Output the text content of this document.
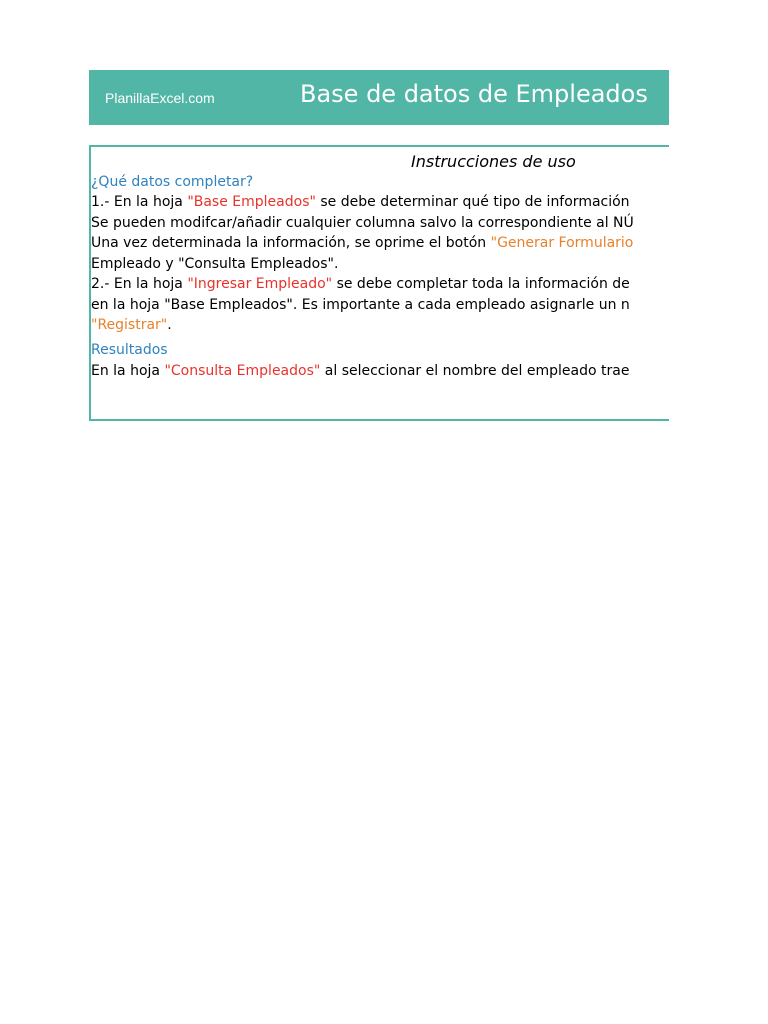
PlanillaExcel.com	Base de datos de Empleados
Instrucciones de uso
¿Qué datos completar?
1.- En la hoja "Base Empleados" se debe determinar qué tipo de información
Se pueden modifcar/añadir cualquier columna salvo la correspondiente al NÚ
Una vez determinada la información, se oprime el botón "Generar Formulario
Empleado y "Consulta Empleados".
2.- En la hoja "Ingresar Empleado" se debe completar toda la información de
en la hoja "Base Empleados". Es importante a cada empleado asignarle un n
"Registrar".
Resultados
En la hoja "Consulta Empleados" al seleccionar el nombre del empleado trae
